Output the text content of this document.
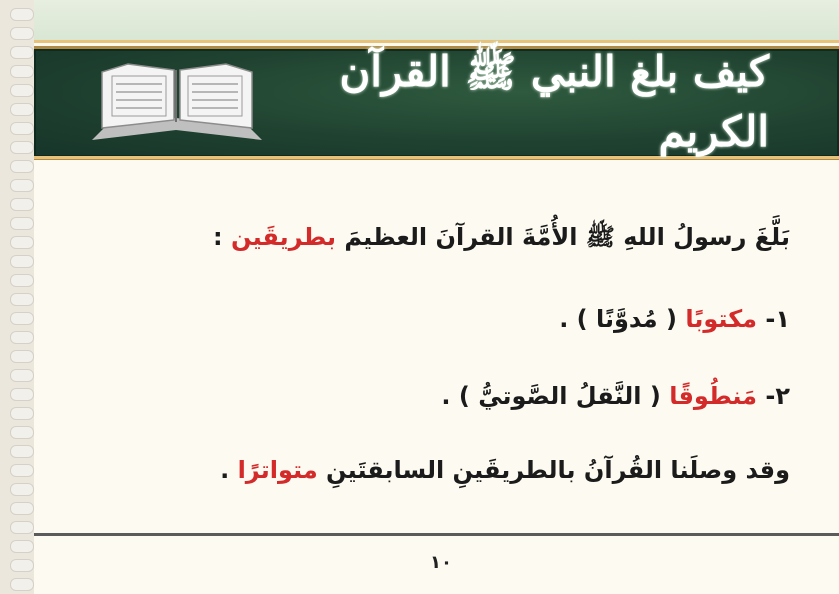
كيف بلغ النبي ﷺ القرآن الكريم
بَلَّغَ رسولُ اللهِ ﷺ الأُمَّةَ القرآنَ العظيمَ بطريقَين :
١- مكتوبًا ( مُدوَّنًا ) .
٢- مَنطُوقًا ( النَّقلُ الصَّوتيُّ ) .
وقد وصلَنا القُرآنُ بالطريقَينِ السابقتَينِ متواترًا .
١٠
